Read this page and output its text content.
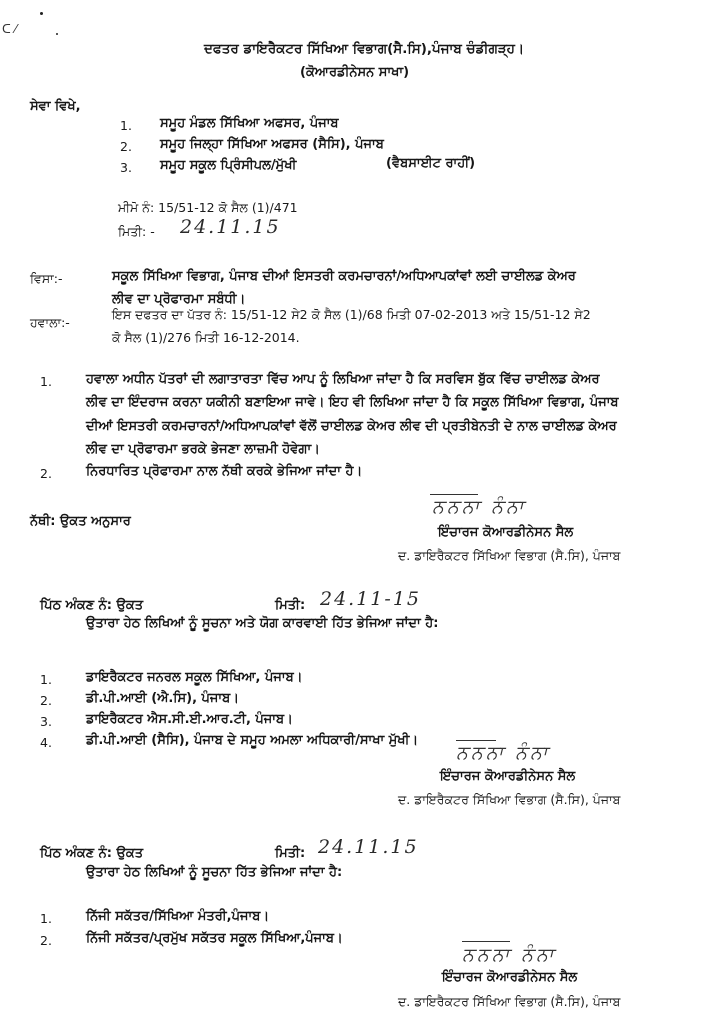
ᑕ ⁄
ਦਫਤਰ ਡਾਇਰੈਕਟਰ ਸਿੱਖਿਆ ਵਿਭਾਗ(ਸੈ.ਸਿ),ਪੰਜਾਬ ਚੰਡੀਗੜ੍ਹ।
(ਕੋਆਰਡੀਨੇਸਨ ਸਾਖਾ)
ਸੇਵਾ ਵਿਖੇ,
1. ਸਮੂਹ ਮੰਡਲ ਸਿੱਖਿਆ ਅਫਸਰ, ਪੰਜਾਬ
2. ਸਮੂਹ ਜਿਲ੍ਹਾ ਸਿੱਖਿਆ ਅਫਸਰ (ਸੈਸਿ), ਪੰਜਾਬ
3. ਸਮੂਹ ਸਕੂਲ ਪ੍ਰਿੰਸੀਪਲ/ਮੁੱਖੀ	(ਵੈਬਸਾਈਟ ਰਾਹੀਂ)
ਮੀਮੋ ਨੰ: 15/51-12 ਕੋ ਸੈਲ (1)/471
ਮਿਤੀ: - 24.11.15
ਵਿਸਾ:-	ਸਕੂਲ ਸਿੱਖਿਆ ਵਿਭਾਗ, ਪੰਜਾਬ ਦੀਆਂ ਇਸਤਰੀ ਕਰਮਚਾਰਨਾਂ/ਅਧਿਆਪਕਾਂਵਾਂ ਲਈ ਚਾਈਲਡ ਕੇਅਰ
ਲੀਵ ਦਾ ਪ੍ਰੋਫਾਰਮਾ ਸਬੰਧੀ।
ਹਵਾਲਾ:-
ਇਸ ਦਫਤਰ ਦਾ ਪੱਤਰ ਨੰ: 15/51-12 ਸੇ2 ਕੋ ਸੈਲ (1)/68 ਮਿਤੀ 07-02-2013 ਅਤੇ 15/51-12 ਸੇ2
ਕੋ ਸੈਲ (1)/276 ਮਿਤੀ 16-12-2014.
1.	ਹਵਾਲਾ ਅਧੀਨ ਪੱਤਰਾਂ ਦੀ ਲਗਾਤਾਰਤਾ ਵਿੱਚ ਆਪ ਨੂੰ ਲਿਖਿਆ ਜਾਂਦਾ ਹੈ ਕਿ ਸਰਵਿਸ ਬੁੱਕ ਵਿੱਚ ਚਾਈਲਡ ਕੇਅਰ
ਲੀਵ ਦਾ ਇੰਦਰਾਜ ਕਰਨਾ ਯਕੀਨੀ ਬਣਾਇਆ ਜਾਵੇ। ਇਹ ਵੀ ਲਿਖਿਆ ਜਾਂਦਾ ਹੈ ਕਿ ਸਕੂਲ ਸਿੱਖਿਆ ਵਿਭਾਗ, ਪੰਜਾਬ
ਦੀਆਂ ਇਸਤਰੀ ਕਰਮਚਾਰਨਾਂ/ਅਧਿਆਪਕਾਂਵਾਂ ਵੱਲੋਂ ਚਾਈਲਡ ਕੇਅਰ ਲੀਵ ਦੀ ਪ੍ਰਤੀਬੇਨਤੀ ਦੇ ਨਾਲ ਚਾਈਲਡ ਕੇਅਰ
ਲੀਵ ਦਾ ਪ੍ਰੋਫਾਰਮਾ ਭਰਕੇ ਭੇਜਣਾ ਲਾਜ਼ਮੀ ਹੋਵੇਗਾ।
2.	ਨਿਰਧਾਰਿਤ ਪ੍ਰੋਫਾਰਮਾ ਨਾਲ ਨੱਥੀ ਕਰਕੇ ਭੇਜਿਆ ਜਾਂਦਾ ਹੈ।
ਨੱਥੀ: ਉਕਤ ਅਨੁਸਾਰ
ਨਨਨਾ ਨੰਨਾ
ਇੰਚਾਰਜ ਕੋਆਰਡੀਨੇਸਨ ਸੈਲ
ਦ. ਡਾਇਰੈਕਟਰ ਸਿੱਖਿਆ ਵਿਭਾਗ (ਸੈ.ਸਿ), ਪੰਜਾਬ
ਪਿੱਠ ਅੰਕਣ ਨੰ: ਉਕਤ	ਮਿਤੀ: 24.11-15
ਉਤਾਰਾ ਹੇਠ ਲਿਖਿਆਂ ਨੂੰ ਸੂਚਨਾ ਅਤੇ ਯੋਗ ਕਾਰਵਾਈ ਹਿੱਤ ਭੇਜਿਆ ਜਾਂਦਾ ਹੈ:
1.	ਡਾਇਰੈਕਟਰ ਜਨਰਲ ਸਕੂਲ ਸਿੱਖਿਆ, ਪੰਜਾਬ।
2.	ਡੀ.ਪੀ.ਆਈ (ਐ.ਸਿ), ਪੰਜਾਬ।
3.	ਡਾਇਰੈਕਟਰ ਐਸ.ਸੀ.ਈ.ਆਰ.ਟੀ, ਪੰਜਾਬ।
4.	ਡੀ.ਪੀ.ਆਈ (ਸੈਸਿ), ਪੰਜਾਬ ਦੇ ਸਮੂਹ ਅਮਲਾ ਅਧਿਕਾਰੀ/ਸਾਖਾ ਮੁੱਖੀ।
ਨਨਨਾ ਨੰਨਾ
ਇੰਚਾਰਜ ਕੋਆਰਡੀਨੇਸਨ ਸੈਲ
ਦ. ਡਾਇਰੈਕਟਰ ਸਿੱਖਿਆ ਵਿਭਾਗ (ਸੈ.ਸਿ), ਪੰਜਾਬ
ਪਿੱਠ ਅੰਕਣ ਨੰ: ਉਕਤ	ਮਿਤੀ: 24.11.15
ਉਤਾਰਾ ਹੇਠ ਲਿਖਿਆਂ ਨੂੰ ਸੂਚਨਾ ਹਿੱਤ ਭੇਜਿਆ ਜਾਂਦਾ ਹੈ:
1.	ਨਿੱਜੀ ਸਕੱਤਰ/ਸਿੱਖਿਆ ਮੰਤਰੀ,ਪੰਜਾਬ।
2.	ਨਿੱਜੀ ਸਕੱਤਰ/ਪ੍ਰਮੁੱਖ ਸਕੱਤਰ ਸਕੂਲ ਸਿੱਖਿਆ,ਪੰਜਾਬ।
ਨਨਨਾ ਨੰਨਾ
ਇੰਚਾਰਜ ਕੋਆਰਡੀਨੇਸਨ ਸੈਲ
ਦ. ਡਾਇਰੈਕਟਰ ਸਿੱਖਿਆ ਵਿਭਾਗ (ਸੈ.ਸਿ), ਪੰਜਾਬ
